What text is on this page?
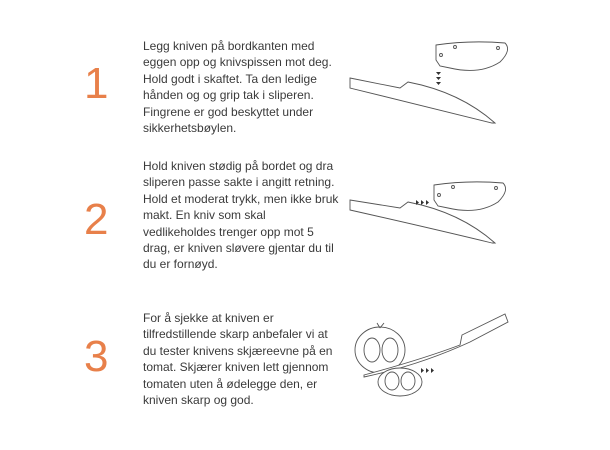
1
Legg kniven på bordkanten med eggen opp og knivspissen mot deg. Hold godt i skaftet. Ta den ledige hånden og og grip tak i sliperen. Fingrene er god beskyttet under sikkerhetsbøylen.
2
Hold kniven stødig på bordet og dra sliperen passe sakte i angitt retning. Hold et moderat trykk, men ikke bruk makt. En kniv som skal vedlikeholdes trenger opp mot 5 drag, er kniven sløvere gjentar du til du er fornøyd.
3
For å sjekke at kniven er tilfredstillende skarp anbefaler vi at du tester knivens skjæreevne på en tomat. Skjærer kniven lett gjennom tomaten uten å ødelegge den, er kniven skarp og god.
